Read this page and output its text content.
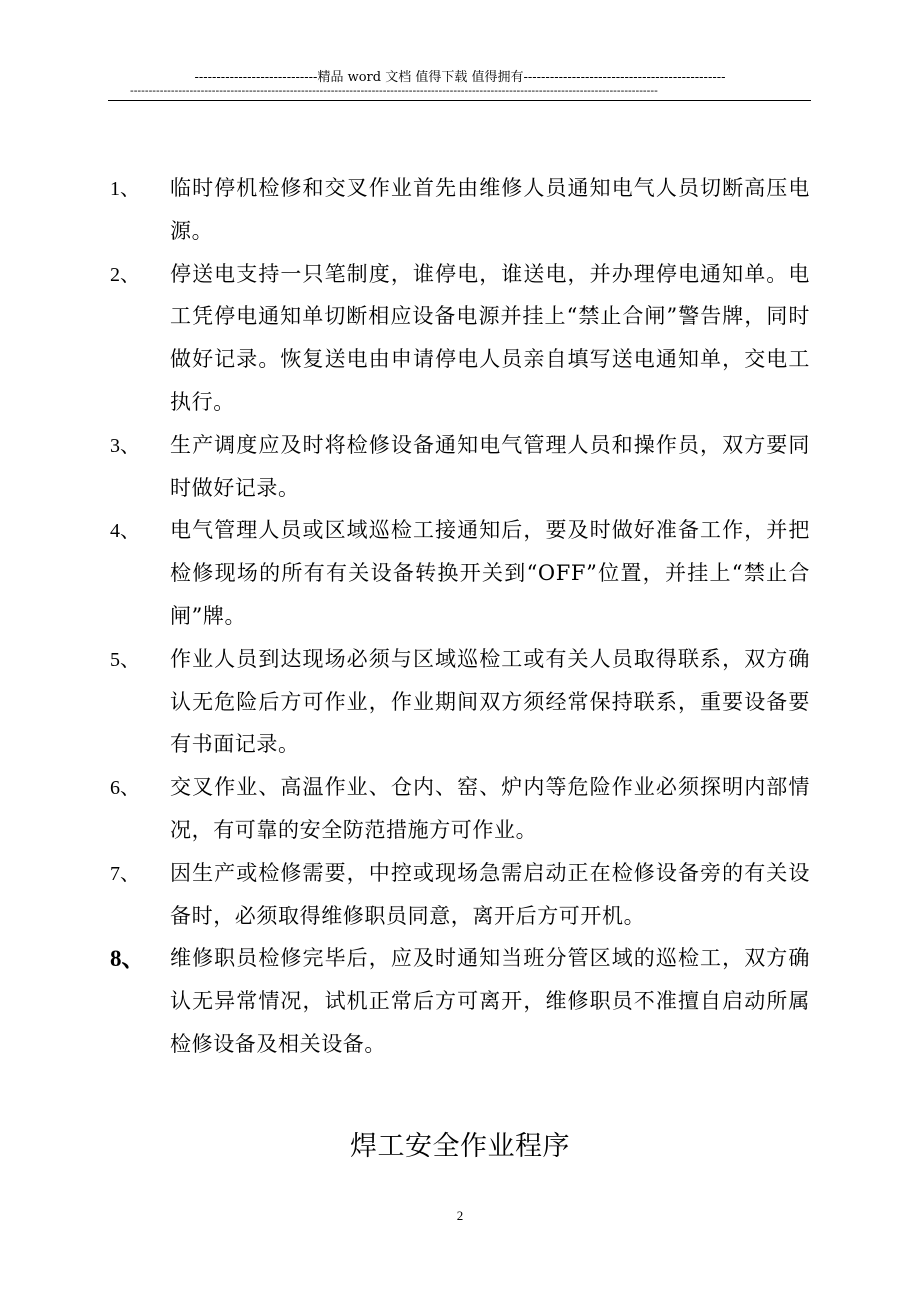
----------------------------精品 word 文档 值得下载 值得拥有----------------------------------------------
----------------------------------------------------------------------------------------------------------------------------------------------
1、	临时停机检修和交叉作业首先由维修人员通知电气人员切断高压电源。
2、	停送电支持一只笔制度，谁停电，谁送电，并办理停电通知单。电工凭停电通知单切断相应设备电源并挂上“禁止合闸”警告牌，同时做好记录。恢复送电由申请停电人员亲自填写送电通知单，交电工执行。
3、	生产调度应及时将检修设备通知电气管理人员和操作员，双方要同时做好记录。
4、	电气管理人员或区域巡检工接通知后，要及时做好准备工作，并把检修现场的所有有关设备转换开关到“OFF”位置，并挂上“禁止合闸”牌。
5、	作业人员到达现场必须与区域巡检工或有关人员取得联系，双方确认无危险后方可作业，作业期间双方须经常保持联系，重要设备要有书面记录。
6、	交叉作业、高温作业、仓内、窑、炉内等危险作业必须探明内部情况，有可靠的安全防范措施方可作业。
7、	因生产或检修需要，中控或现场急需启动正在检修设备旁的有关设备时，必须取得维修职员同意，离开后方可开机。
8、	维修职员检修完毕后，应及时通知当班分管区域的巡检工，双方确认无异常情况，试机正常后方可离开，维修职员不准擅自启动所属检修设备及相关设备。
焊工安全作业程序
2
